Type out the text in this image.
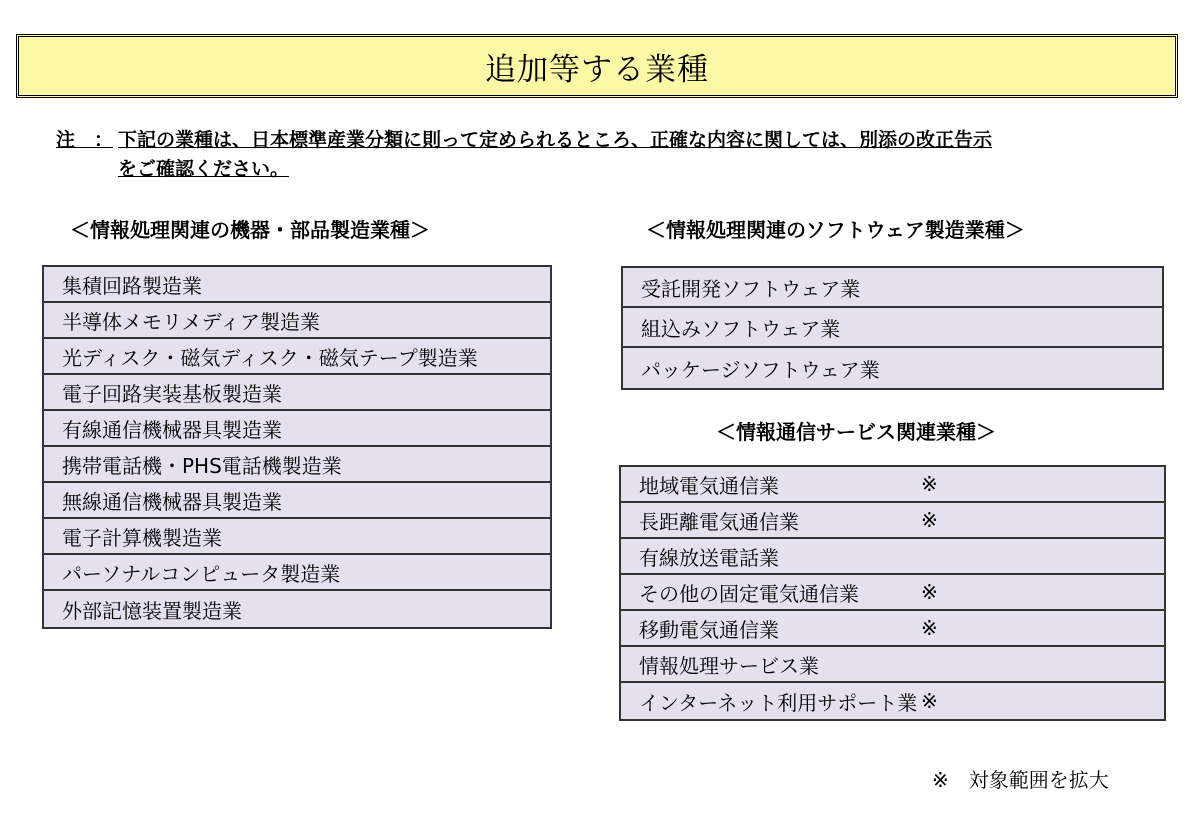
追加等する業種
注　： 下記の業種は、日本標準産業分類に則って定められるところ、正確な内容に関しては、別添の改正告示
をご確認ください。
＜情報処理関連の機器・部品製造業種＞
集積回路製造業
半導体メモリメディア製造業
光ディスク・磁気ディスク・磁気テープ製造業
電子回路実装基板製造業
有線通信機械器具製造業
携帯電話機・PHS電話機製造業
無線通信機械器具製造業
電子計算機製造業
パーソナルコンピュータ製造業
外部記憶装置製造業
＜情報処理関連のソフトウェア製造業種＞
受託開発ソフトウェア業
組込みソフトウェア業
パッケージソフトウェア業
＜情報通信サービス関連業種＞
地域電気通信業	※
長距離電気通信業	※
有線放送電話業
その他の固定電気通信業	※
移動電気通信業	※
情報処理サービス業
インターネット利用サポート業 ※
※　対象範囲を拡大
